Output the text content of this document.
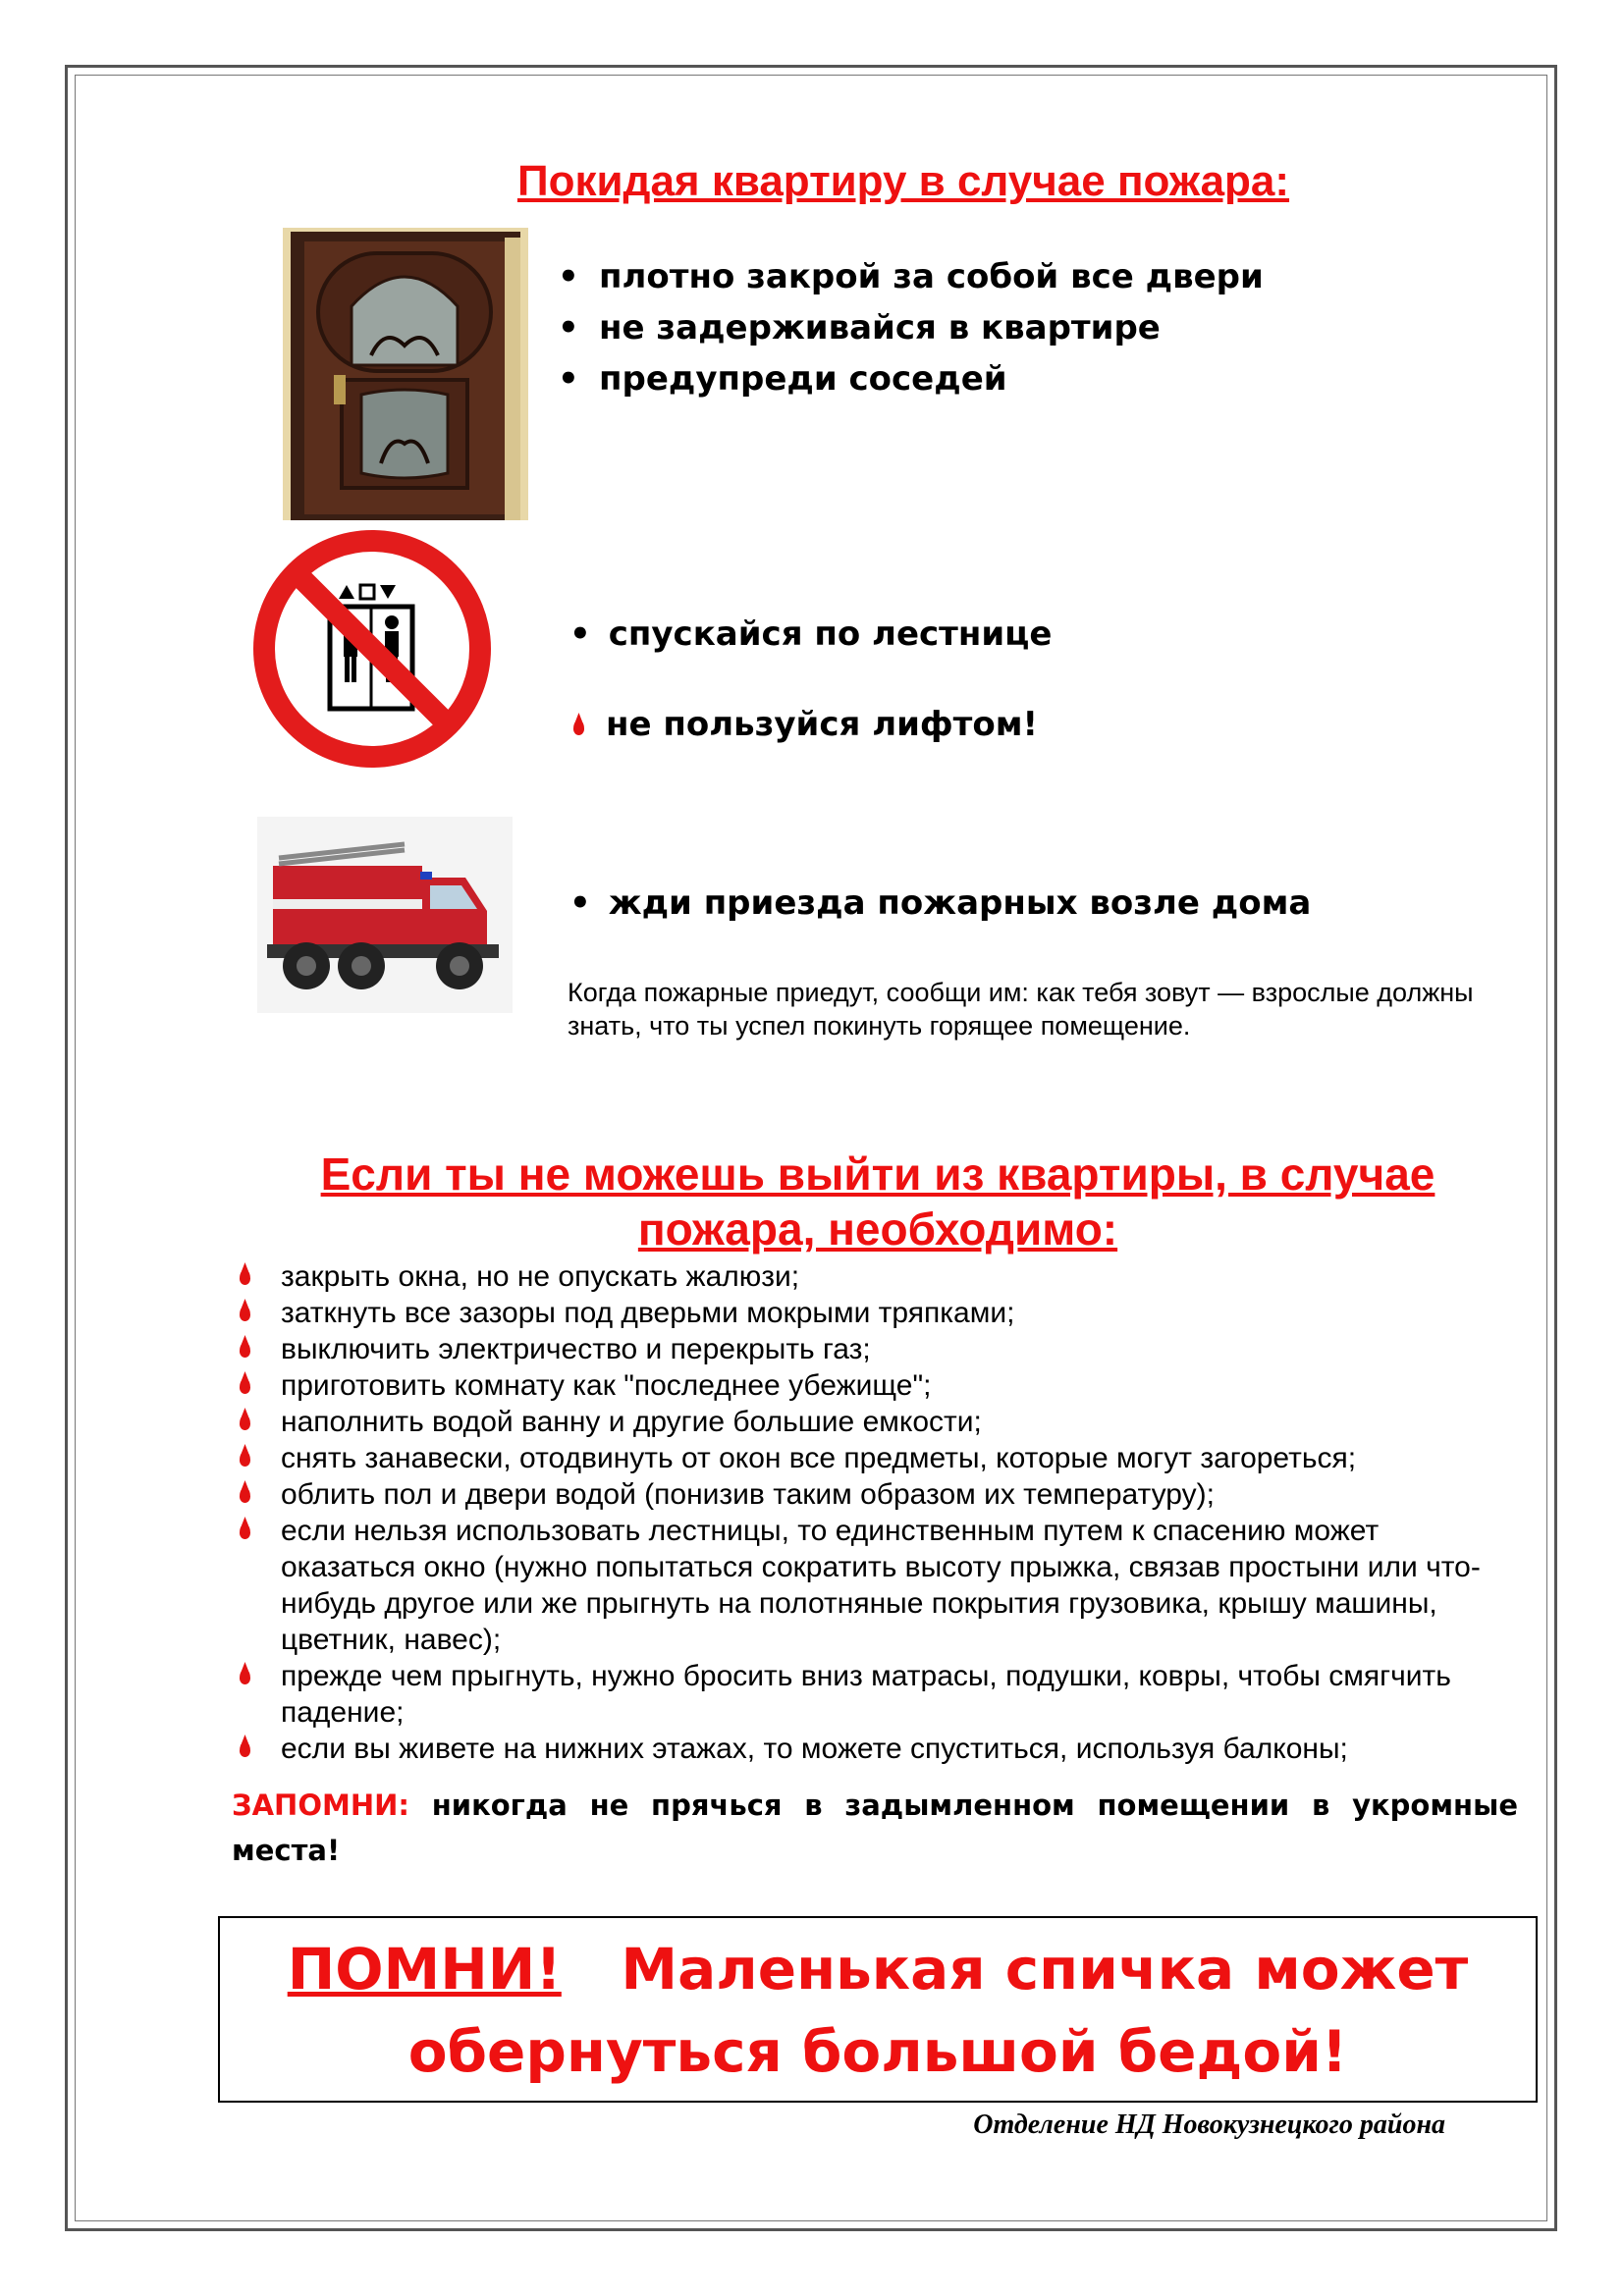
Покидая квартиру в случае пожара:
• плотно закрой за собой все двери
• не задерживайся в квартире
• предупреди соседей
• спускайся по лестнице
не пользуйся лифтом!
• жди приезда пожарных возле дома
Когда пожарные приедут, сообщи им: как тебя зовут — взрослые должны знать, что ты успел покинуть горящее помещение.
Если ты не можешь выйти из квартиры, в случае
пожара, необходимо:
закрыть окна, но не опускать жалюзи;
заткнуть все зазоры под дверьми мокрыми тряпками;
выключить электричество и перекрыть газ;
приготовить комнату как "последнее убежище";
наполнить водой ванну и другие большие емкости;
снять занавески, отодвинуть от окон все предметы, которые могут загореться;
облить пол и двери водой (понизив таким образом их температуру);
если нельзя использовать лестницы, то единственным путем к спасению может оказаться окно (нужно попытаться сократить высоту прыжка, связав простыни или что-нибудь другое или же прыгнуть на полотняные покрытия грузовика, крышу машины, цветник, навес);
прежде чем прыгнуть, нужно бросить вниз матрасы, подушки, ковры, чтобы смягчить падение;
если вы живете на нижних этажах, то можете спуститься, используя балконы;
ЗАПОМНИ: никогда не прячься в задымленном помещении в укромные места!
ПОМНИ!   Маленькая спичка может
обернуться большой бедой!
Отделение НД Новокузнецкого района
